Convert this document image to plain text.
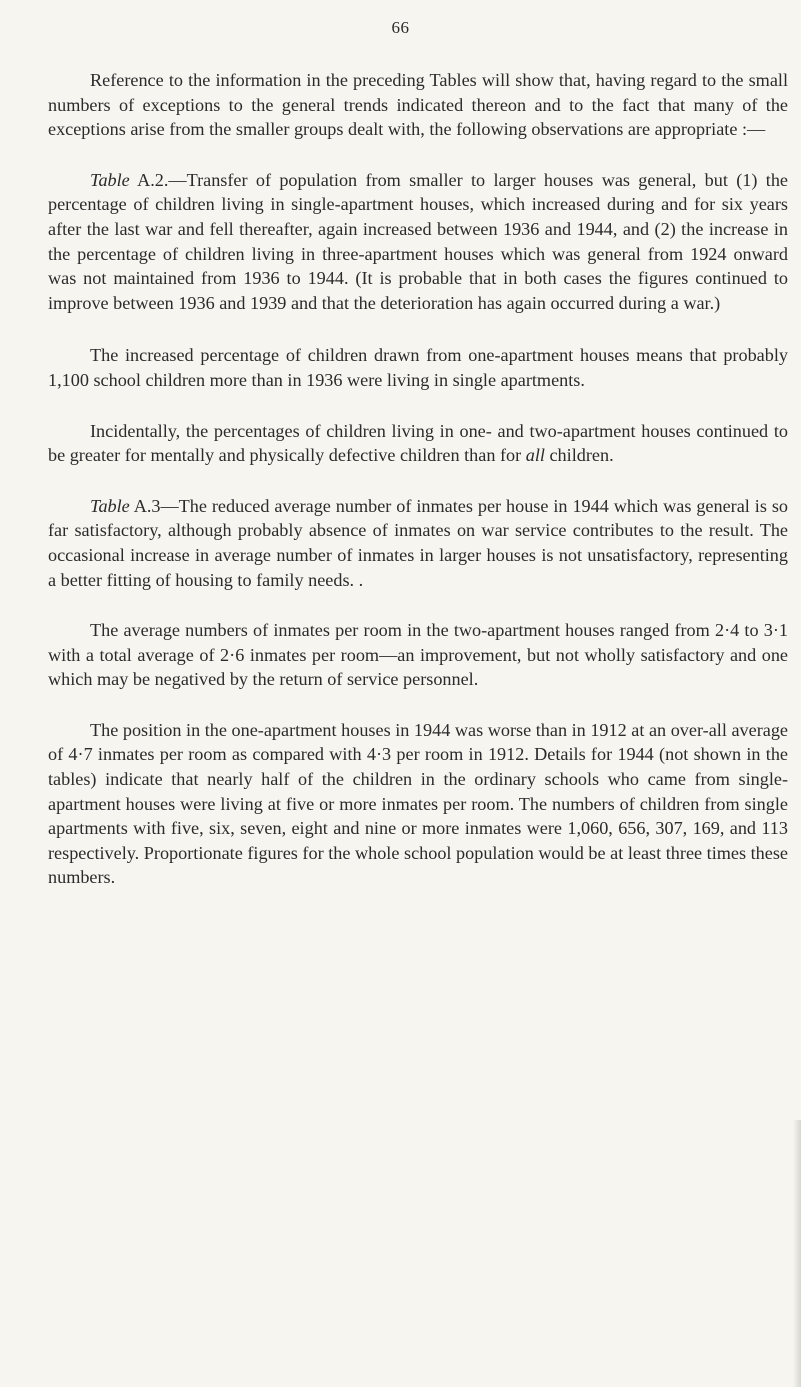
66

Reference to the information in the preceding Tables will show that, having regard to the small numbers of exceptions to the general trends indicated thereon and to the fact that many of the exceptions arise from the smaller groups dealt with, the following observations are appropriate :—

Table A.2.—Transfer of population from smaller to larger houses was general, but (1) the percentage of children living in single-apartment houses, which increased during and for six years after the last war and fell thereafter, again increased between 1936 and 1944, and (2) the increase in the percentage of children living in three-apartment houses which was general from 1924 onward was not maintained from 1936 to 1944. (It is probable that in both cases the figures continued to improve between 1936 and 1939 and that the deterioration has again occurred during a war.)

The increased percentage of children drawn from one-apartment houses means that probably 1,100 school children more than in 1936 were living in single apartments.

Incidentally, the percentages of children living in one- and two-apartment houses continued to be greater for mentally and physically defective children than for all children.

Table A.3—The reduced average number of inmates per house in 1944 which was general is so far satisfactory, although probably absence of inmates on war service contributes to the result. The occasional increase in average number of inmates in larger houses is not unsatisfactory, representing a better fitting of housing to family needs. .

The average numbers of inmates per room in the two-apartment houses ranged from 2·4 to 3·1 with a total average of 2·6 inmates per room—an improvement, but not wholly satisfactory and one which may be negatived by the return of service personnel.

The position in the one-apartment houses in 1944 was worse than in 1912 at an over-all average of 4·7 inmates per room as compared with 4·3 per room in 1912. Details for 1944 (not shown in the tables) indicate that nearly half of the children in the ordinary schools who came from single-apartment houses were living at five or more inmates per room. The numbers of children from single apartments with five, six, seven, eight and nine or more inmates were 1,060, 656, 307, 169, and 113 respectively. Proportionate figures for the whole school population would be at least three times these numbers.
